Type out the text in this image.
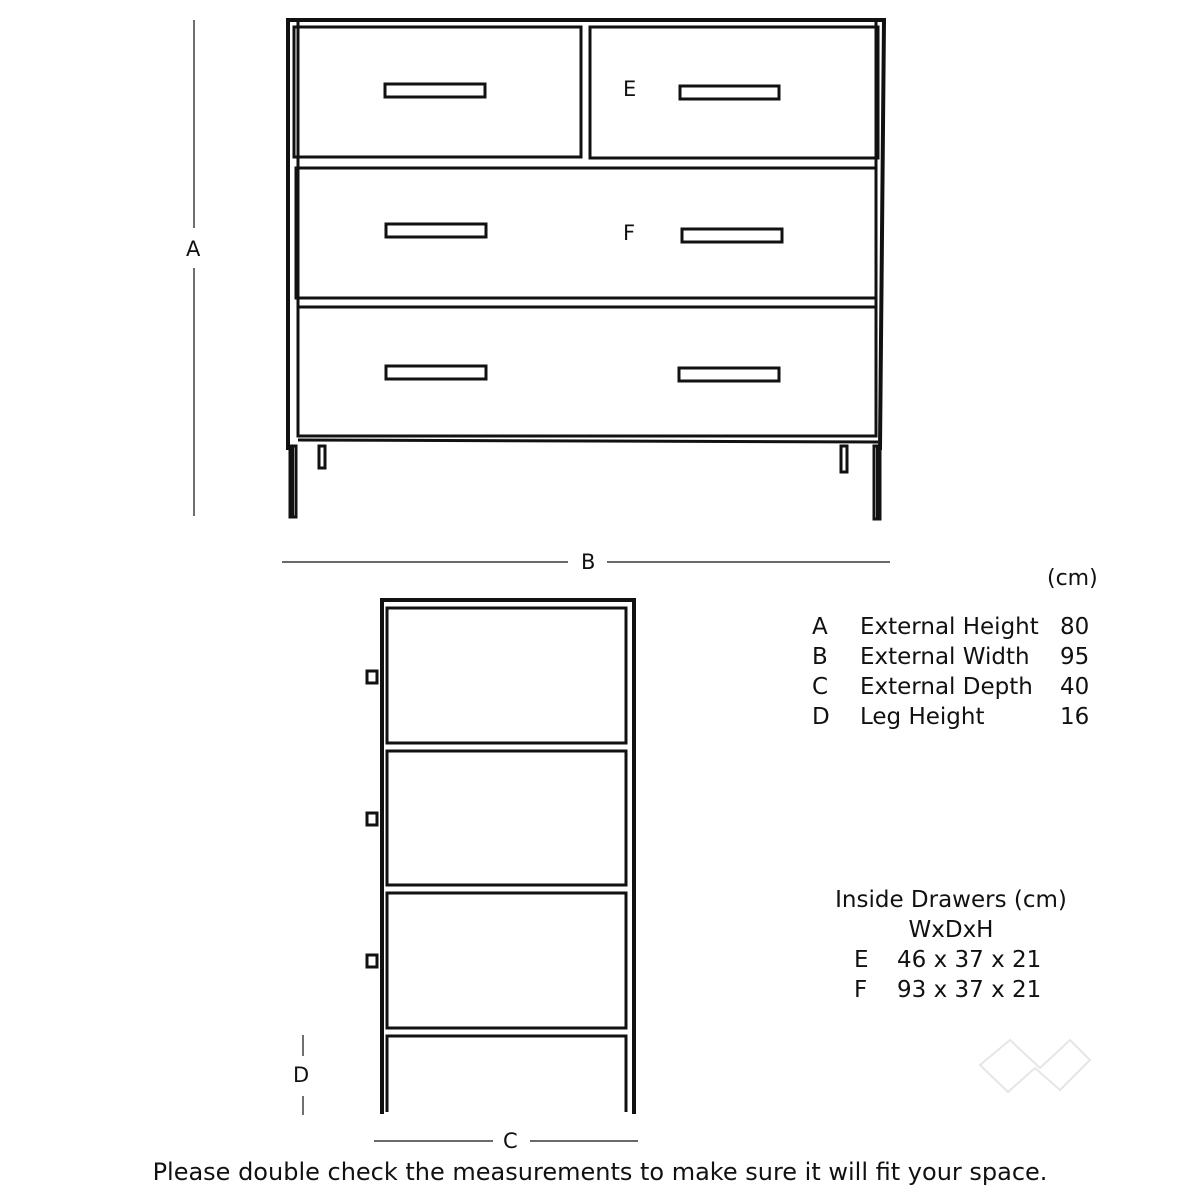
A
B
C
D
E
F
(cm)
A External Height 80
B External Width 95
C External Depth 40
D Leg Height	16
Inside Drawers (cm)
WxDxH
E 46 x 37 x 21
F 93 x 37 x 21
Please double check the measurements to make sure it will fit your space.
